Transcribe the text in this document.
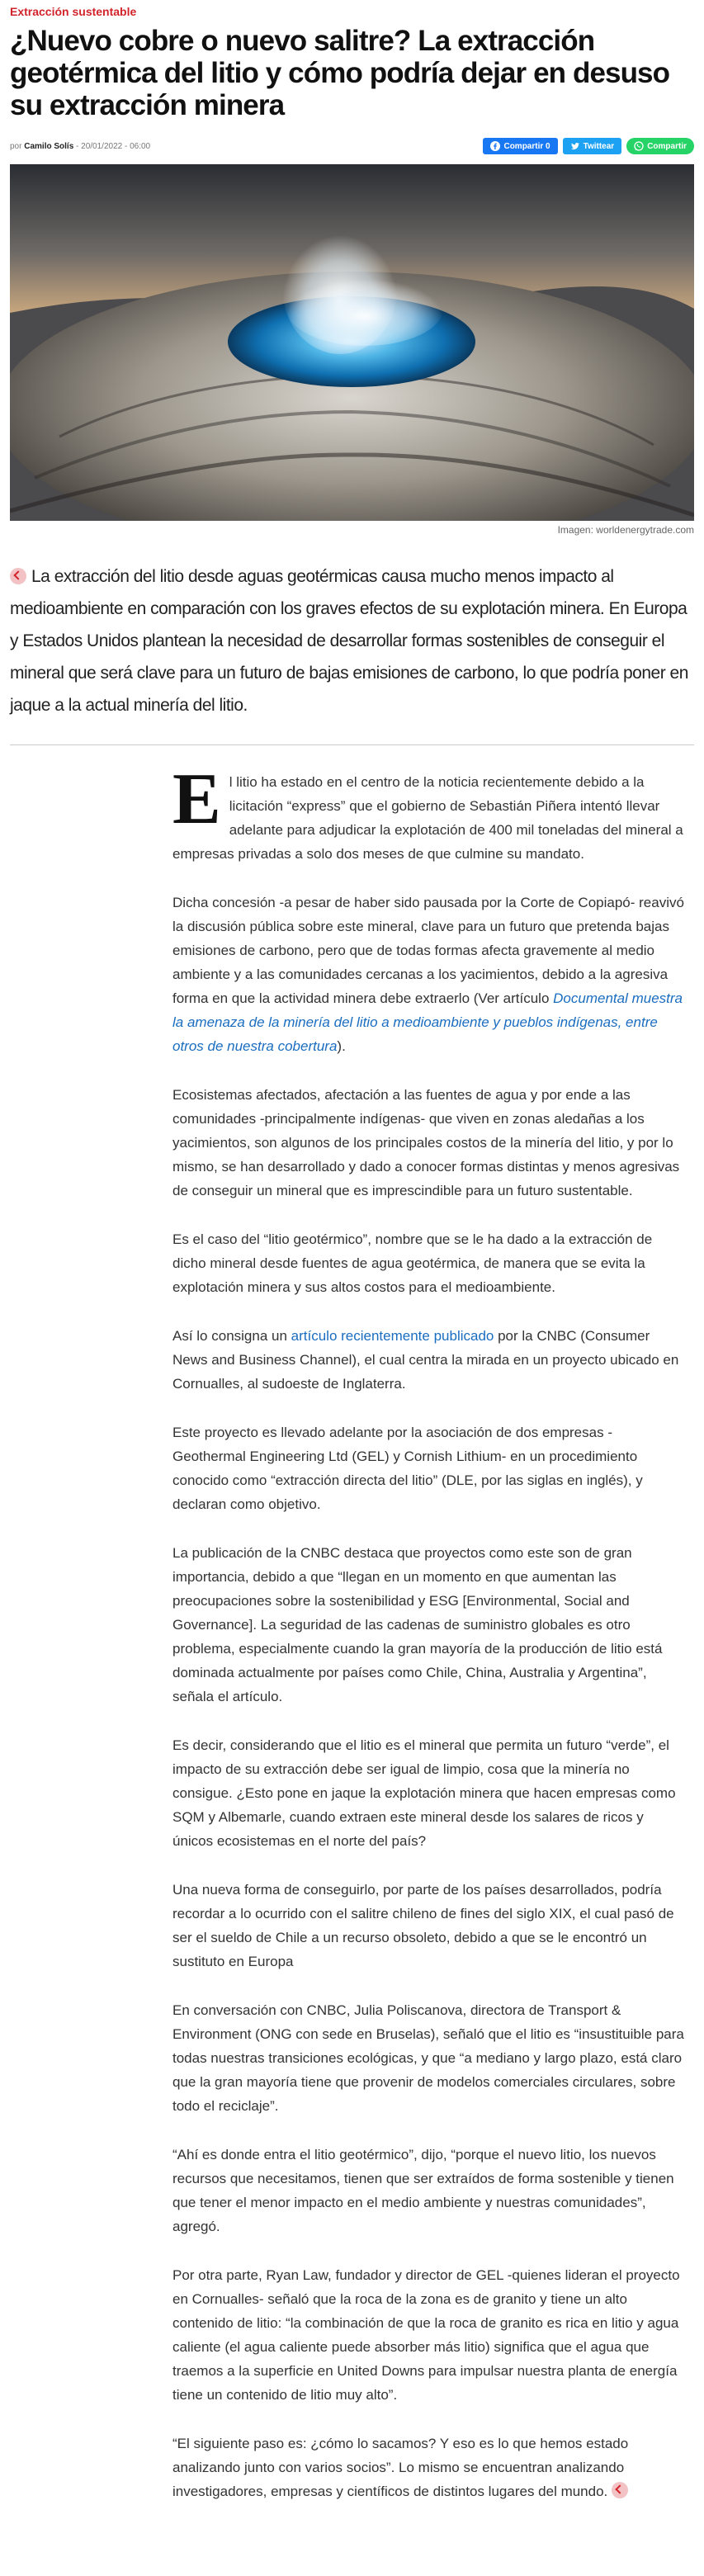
Extracción sustentable
¿Nuevo cobre o nuevo salitre? La extracción geotérmica del litio y cómo podría dejar en desuso su extracción minera
por Camilo Solís - 20/01/2022 - 06:00	Compartir 0	Twittear	Compartir
Imagen: worldenergytrade.com
La extracción del litio desde aguas geotérmicas causa mucho menos impacto al medioambiente en comparación con los graves efectos de su explotación minera. En Europa y Estados Unidos plantean la necesidad de desarrollar formas sostenibles de conseguir el mineral que será clave para un futuro de bajas emisiones de carbono, lo que podría poner en jaque a la actual minería del litio.

El litio ha estado en el centro de la noticia recientemente debido a la licitación “express” que el gobierno de Sebastián Piñera intentó llevar adelante para adjudicar la explotación de 400 mil toneladas del mineral a empresas privadas a solo dos meses de que culmine su mandato.

Dicha concesión -a pesar de haber sido pausada por la Corte de Copiapó- reavivó la discusión pública sobre este mineral, clave para un futuro que pretenda bajas emisiones de carbono, pero que de todas formas afecta gravemente al medio ambiente y a las comunidades cercanas a los yacimientos, debido a la agresiva forma en que la actividad minera debe extraerlo (Ver artículo Documental muestra la amenaza de la minería del litio a medioambiente y pueblos indígenas, entre otros de nuestra cobertura).

Ecosistemas afectados, afectación a las fuentes de agua y por ende a las comunidades -principalmente indígenas- que viven en zonas aledañas a los yacimientos, son algunos de los principales costos de la minería del litio, y por lo mismo, se han desarrollado y dado a conocer formas distintas y menos agresivas de conseguir un mineral que es imprescindible para un futuro sustentable.

Es el caso del “litio geotérmico”, nombre que se le ha dado a la extracción de dicho mineral desde fuentes de agua geotérmica, de manera que se evita la explotación minera y sus altos costos para el medioambiente.

Así lo consigna un artículo recientemente publicado por la CNBC (Consumer News and Business Channel), el cual centra la mirada en un proyecto ubicado en Cornualles, al sudoeste de Inglaterra.

Este proyecto es llevado adelante por la asociación de dos empresas -Geothermal Engineering Ltd (GEL) y Cornish Lithium- en un procedimiento conocido como “extracción directa del litio” (DLE, por las siglas en inglés), y declaran como objetivo.

La publicación de la CNBC destaca que proyectos como este son de gran importancia, debido a que “llegan en un momento en que aumentan las preocupaciones sobre la sostenibilidad y ESG [Environmental, Social and Governance]. La seguridad de las cadenas de suministro globales es otro problema, especialmente cuando la gran mayoría de la producción de litio está dominada actualmente por países como Chile, China, Australia y Argentina”, señala el artículo.

Es decir, considerando que el litio es el mineral que permita un futuro “verde”, el impacto de su extracción debe ser igual de limpio, cosa que la minería no consigue. ¿Esto pone en jaque la explotación minera que hacen empresas como SQM y Albemarle, cuando extraen este mineral desde los salares de ricos y únicos ecosistemas en el norte del país?

Una nueva forma de conseguirlo, por parte de los países desarrollados, podría recordar a lo ocurrido con el salitre chileno de fines del siglo XIX, el cual pasó de ser el sueldo de Chile a un recurso obsoleto, debido a que se le encontró un sustituto en Europa

En conversación con CNBC, Julia Poliscanova, directora de Transport & Environment (ONG con sede en Bruselas), señaló que el litio es “insustituible para todas nuestras transiciones ecológicas, y que “a mediano y largo plazo, está claro que la gran mayoría tiene que provenir de modelos comerciales circulares, sobre todo el reciclaje”.

“Ahí es donde entra el litio geotérmico”, dijo, “porque el nuevo litio, los nuevos recursos que necesitamos, tienen que ser extraídos de forma sostenible y tienen que tener el menor impacto en el medio ambiente y nuestras comunidades”, agregó.

Por otra parte, Ryan Law, fundador y director de GEL -quienes lideran el proyecto en Cornualles- señaló que la roca de la zona es de granito y tiene un alto contenido de litio: “la combinación de que la roca de granito es rica en litio y agua caliente (el agua caliente puede absorber más litio) significa que el agua que traemos a la superficie en United Downs para impulsar nuestra planta de energía tiene un contenido de litio muy alto”.

“El siguiente paso es: ¿cómo lo sacamos? Y eso es lo que hemos estado analizando junto con varios socios”. Lo mismo se encuentran analizando investigadores, empresas y científicos de distintos lugares del mundo.
